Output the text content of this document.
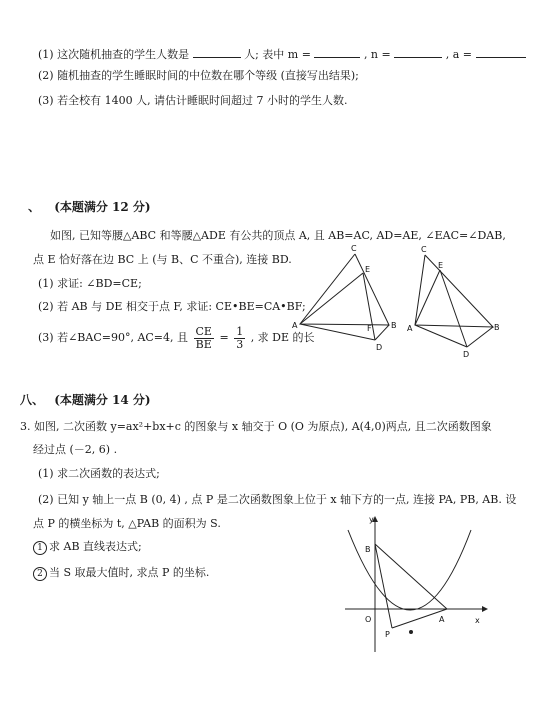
(1) 这次随机抽查的学生人数是	人; 表中 m =	, n =	, a =
(2) 随机抽查的学生睡眠时间的中位数在哪个等级 (直接写出结果);
(3) 若全校有 1400 人, 请估计睡眠时间超过 7 小时的学生人数.
、 (本题满分 12 分)
如图, 已知等腰△ABC 和等腰△ADE 有公共的顶点 A, 且 AB=AC, AD=AE, ∠EAC=∠DAB,
点 E 恰好落在边 BC 上 (与 B、C 不重合), 连接 BD.
(1) 求证: ∠BD=CE;
(2) 若 AB 与 DE 相交于点 F, 求证: CE•BE=CA•BF;
(3) 若∠BAC=90°, AC=4, 且 $\frac{CE}{BE} = \frac{1}{3}$ , 求 DE 的长
C
E
A	F B
D
C
E
A	B
D
八、 (本题满分 14 分)
3. 如图, 二次函数 y=ax²+bx+c 的图象与 x 轴交于 O (O 为原点), A(4,0)两点, 且二次函数图象
经过点 (－2, 6) .
(1) 求二次函数的表达式;
(2) 已知 y 轴上一点 B (0, 4) , 点 P 是二次函数图象上位于 x 轴下方的一点, 连接 PA, PB, AB. 设
点 P 的横坐标为 t, △PAB 的面积为 S.
1 求 AB 直线表达式;
2 当 S 取最大值时, 求点 P 的坐标.
y
x
B
O	A
P
